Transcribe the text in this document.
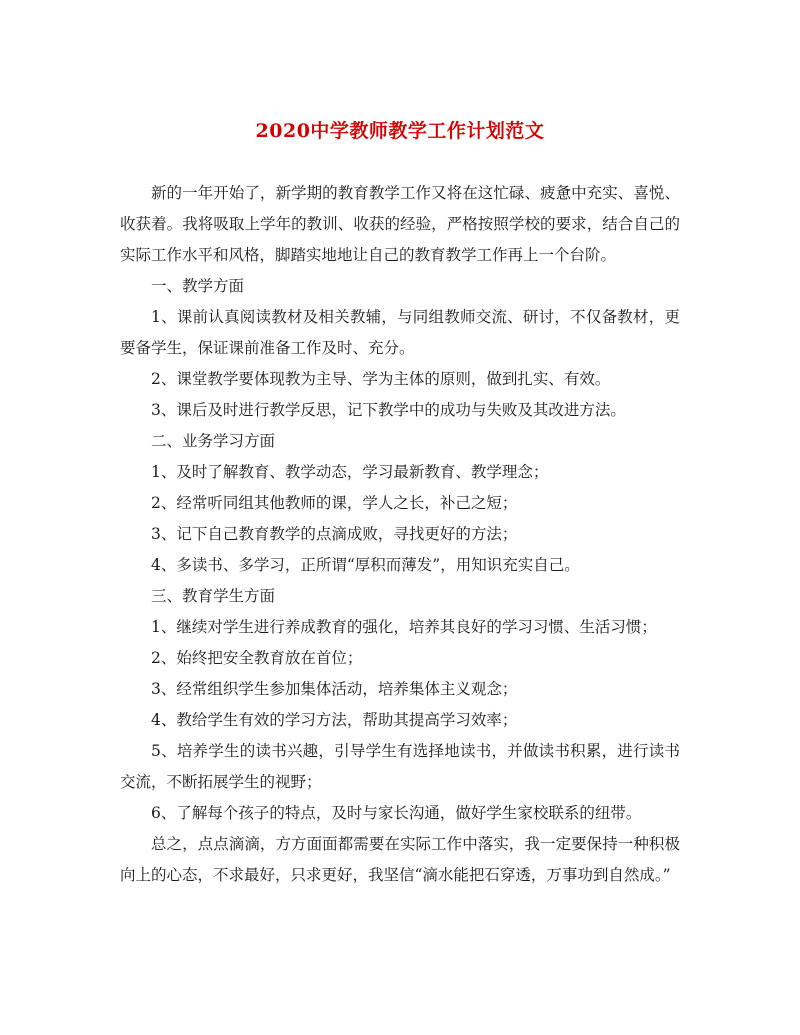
2020中学教师教学工作计划范文

新的一年开始了，新学期的教育教学工作又将在这忙碌、疲惫中充实、喜悦、收获着。我将吸取上学年的教训、收获的经验，严格按照学校的要求，结合自己的实际工作水平和风格，脚踏实地地让自己的教育教学工作再上一个台阶。

一、教学方面

1、课前认真阅读教材及相关教辅，与同组教师交流、研讨，不仅备教材，更要备学生，保证课前准备工作及时、充分。

2、课堂教学要体现教为主导、学为主体的原则，做到扎实、有效。

3、课后及时进行教学反思，记下教学中的成功与失败及其改进方法。

二、业务学习方面

1、及时了解教育、教学动态，学习最新教育、教学理念；

2、经常听同组其他教师的课，学人之长，补己之短；

3、记下自己教育教学的点滴成败，寻找更好的方法；

4、多读书、多学习，正所谓“厚积而薄发”，用知识充实自己。

三、教育学生方面

1、继续对学生进行养成教育的强化，培养其良好的学习习惯、生活习惯；

2、始终把安全教育放在首位；

3、经常组织学生参加集体活动，培养集体主义观念；

4、教给学生有效的学习方法，帮助其提高学习效率；

5、培养学生的读书兴趣，引导学生有选择地读书，并做读书积累，进行读书交流，不断拓展学生的视野；

6、了解每个孩子的特点，及时与家长沟通，做好学生家校联系的纽带。

总之，点点滴滴，方方面面都需要在实际工作中落实，我一定要保持一种积极向上的心态，不求最好，只求更好，我坚信“滴水能把石穿透，万事功到自然成。”
